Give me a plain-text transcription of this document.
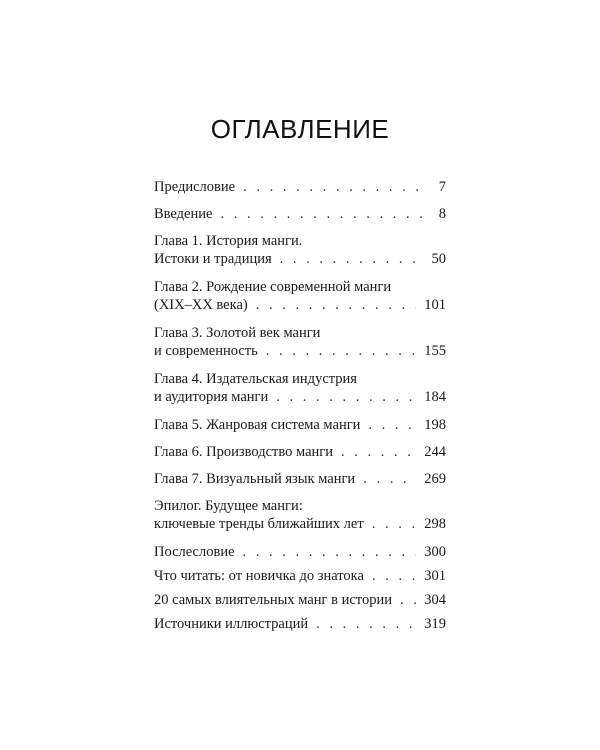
ОГЛАВЛЕНИЕ
Предисловие . . .	7
Введение . . .	8
Глава 1. История манги.
Истоки и традиция . . .	50
Глава 2. Рождение современной манги
(XIX–XX века) . . .	101
Глава 3. Золотой век манги
и современность . . .	155
Глава 4. Издательская индустрия
и аудитория манги . . .	184
Глава 5. Жанровая система манги . . .	198
Глава 6. Производство манги . . .	244
Глава 7. Визуальный язык манги . . .	269
Эпилог. Будущее манги:
ключевые тренды ближайших лет . . .	298
Послесловие . . .	300
Что читать: от новичка до знатока . . .	301
20 самых влиятельных манг в истории . . . 304
Источники иллюстраций . . .	319
